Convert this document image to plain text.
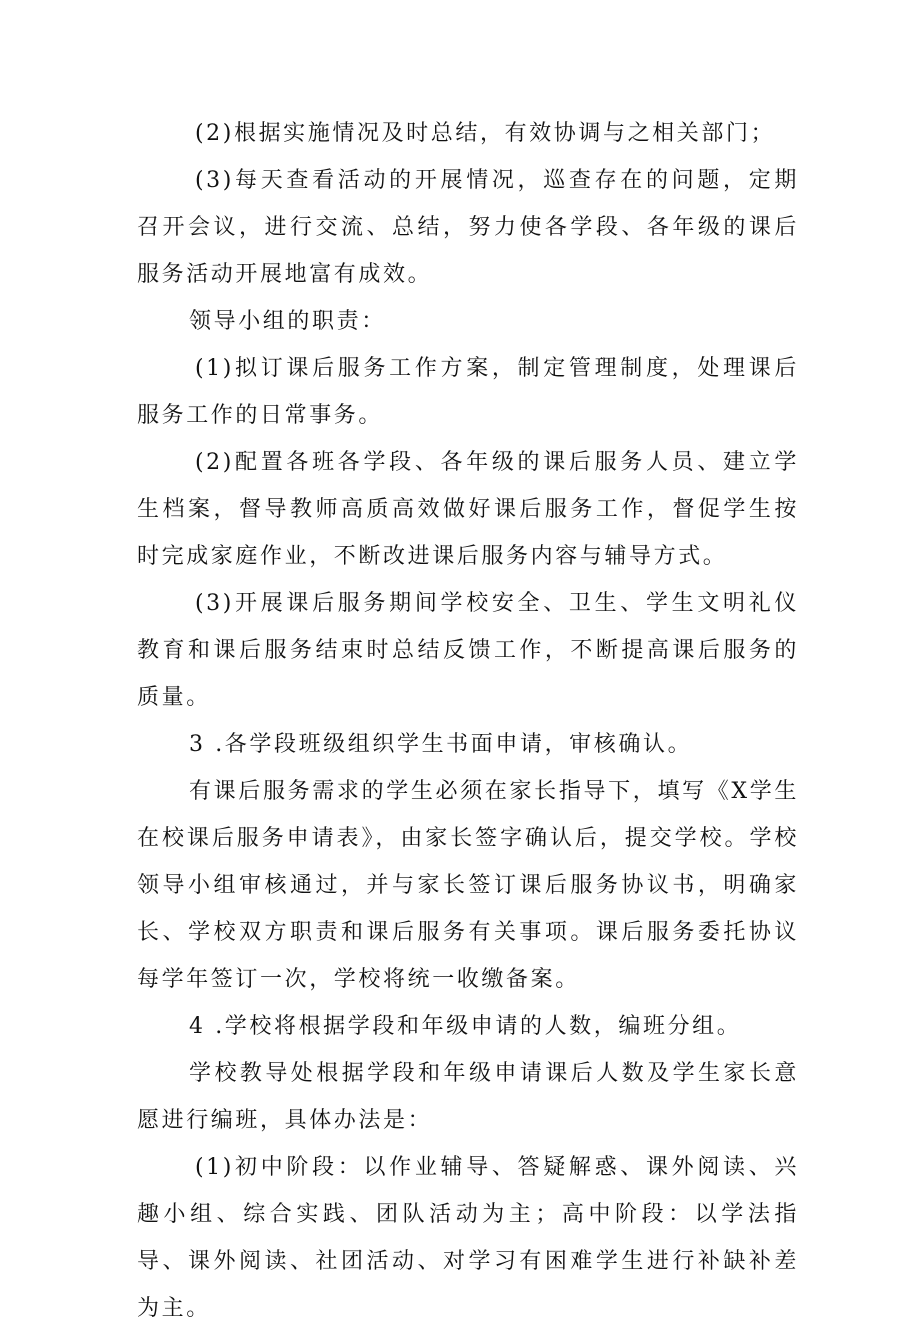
(2)根据实施情况及时总结，有效协调与之相关部门；

(3)每天查看活动的开展情况，巡查存在的问题，定期召开会议，进行交流、总结，努力使各学段、各年级的课后服务活动开展地富有成效。

领导小组的职责：

(1)拟订课后服务工作方案，制定管理制度，处理课后服务工作的日常事务。

(2)配置各班各学段、各年级的课后服务人员、建立学生档案，督导教师高质高效做好课后服务工作，督促学生按时完成家庭作业，不断改进课后服务内容与辅导方式。

(3)开展课后服务期间学校安全、卫生、学生文明礼仪教育和课后服务结束时总结反馈工作，不断提高课后服务的质量。

3 .各学段班级组织学生书面申请，审核确认。

有课后服务需求的学生必须在家长指导下，填写《X学生在校课后服务申请表》，由家长签字确认后，提交学校。学校领导小组审核通过，并与家长签订课后服务协议书，明确家长、学校双方职责和课后服务有关事项。课后服务委托协议每学年签订一次，学校将统一收缴备案。

4 .学校将根据学段和年级申请的人数，编班分组。

学校教导处根据学段和年级申请课后人数及学生家长意愿进行编班，具体办法是：

(1)初中阶段：以作业辅导、答疑解惑、课外阅读、兴趣小组、综合实践、团队活动为主；高中阶段：以学法指导、课外阅读、社团活动、对学习有困难学生进行补缺补差为主。
